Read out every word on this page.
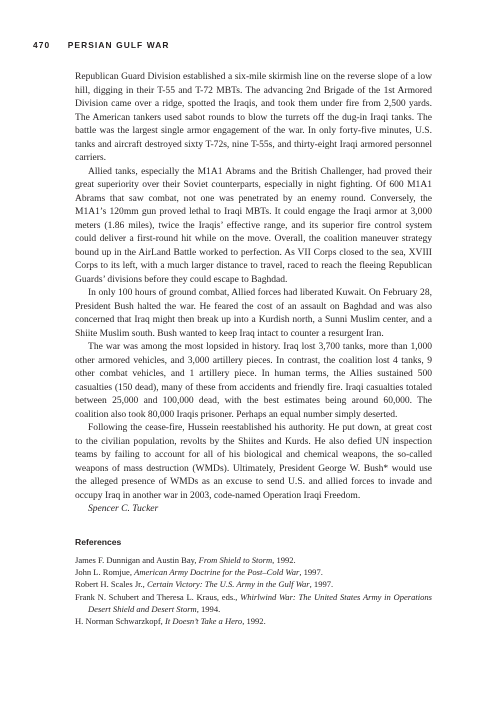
470 PERSIAN GULF WAR

Republican Guard Division established a six-mile skirmish line on the reverse slope of a low hill, digging in their T-55 and T-72 MBTs. The advancing 2nd Brigade of the 1st Armored Division came over a ridge, spotted the Iraqis, and took them under fire from 2,500 yards. The American tankers used sabot rounds to blow the turrets off the dug-in Iraqi tanks. The battle was the largest single armor engagement of the war. In only forty-five minutes, U.S. tanks and aircraft destroyed sixty T-72s, nine T-55s, and thirty-eight Iraqi armored personnel carriers.

Allied tanks, especially the M1A1 Abrams and the British Challenger, had proved their great superiority over their Soviet counterparts, especially in night fighting. Of 600 M1A1 Abrams that saw combat, not one was penetrated by an enemy round. Conversely, the M1A1’s 120mm gun proved lethal to Iraqi MBTs. It could engage the Iraqi armor at 3,000 meters (1.86 miles), twice the Iraqis’ effective range, and its superior fire control system could deliver a first-round hit while on the move. Overall, the coalition maneuver strategy bound up in the AirLand Battle worked to perfection. As VII Corps closed to the sea, XVIII Corps to its left, with a much larger distance to travel, raced to reach the fleeing Republican Guards’ divisions before they could escape to Baghdad.

In only 100 hours of ground combat, Allied forces had liberated Kuwait. On February 28, President Bush halted the war. He feared the cost of an assault on Baghdad and was also concerned that Iraq might then break up into a Kurdish north, a Sunni Muslim center, and a Shiite Muslim south. Bush wanted to keep Iraq intact to counter a resurgent Iran.

The war was among the most lopsided in history. Iraq lost 3,700 tanks, more than 1,000 other armored vehicles, and 3,000 artillery pieces. In contrast, the coalition lost 4 tanks, 9 other combat vehicles, and 1 artillery piece. In human terms, the Allies sustained 500 casualties (150 dead), many of these from accidents and friendly fire. Iraqi casualties totaled between 25,000 and 100,000 dead, with the best estimates being around 60,000. The coalition also took 80,000 Iraqis prisoner. Perhaps an equal number simply deserted.

Following the cease-fire, Hussein reestablished his authority. He put down, at great cost to the civilian population, revolts by the Shiites and Kurds. He also defied UN inspection teams by failing to account for all of his biological and chemical weapons, the so-called weapons of mass destruction (WMDs). Ultimately, President George W. Bush* would use the alleged presence of WMDs as an excuse to send U.S. and allied forces to invade and occupy Iraq in another war in 2003, code-named Operation Iraqi Freedom.

Spencer C. Tucker

References

James F. Dunnigan and Austin Bay, From Shield to Storm, 1992.

John L. Romjue, American Army Doctrine for the Post–Cold War, 1997.

Robert H. Scales Jr., Certain Victory: The U.S. Army in the Gulf War, 1997.

Frank N. Schubert and Theresa L. Kraus, eds., Whirlwind War: The United States Army in Operations Desert Shield and Desert Storm, 1994.

H. Norman Schwarzkopf, It Doesn’t Take a Hero, 1992.
